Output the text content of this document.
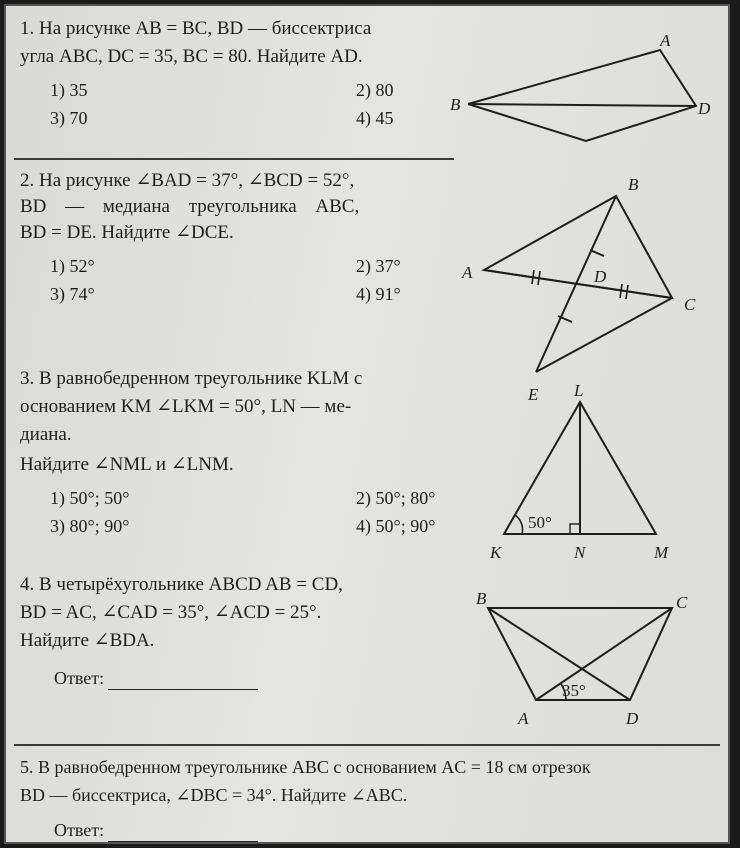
1. На рисунке AB = BC, BD — биссектриса
угла ABC, DC = 35, BC = 80. Найдите AD.
1) 35	2) 80
3) 70	4) 45
A
B	D
2. На рисунке ∠BAD = 37°, ∠BCD = 52°,
BD — медиана треугольника ABC,
BD = DE. Найдите ∠DCE.
1) 52°	2) 37°
3) 74°	4) 91°
B
A	D
C
E
3. В равнобедренном треугольнике KLM с
основанием KM ∠LKM = 50°, LN — ме-
диана.
Найдите ∠NML и ∠LNM.
1) 50°; 50°	2) 50°; 80°
3) 80°; 90°	4) 50°; 90°	50°
L
K	N	M
4. В четырёхугольнике ABCD AB = CD,
BD = AC, ∠CAD = 35°, ∠ACD = 25°.
Найдите ∠BDA.
Ответ:
35°
B	C
A	D
5. В равнобедренном треугольнике ABC с основанием AC = 18 см отрезок
BD — биссектриса, ∠DBC = 34°. Найдите ∠ABC.
Ответ:
